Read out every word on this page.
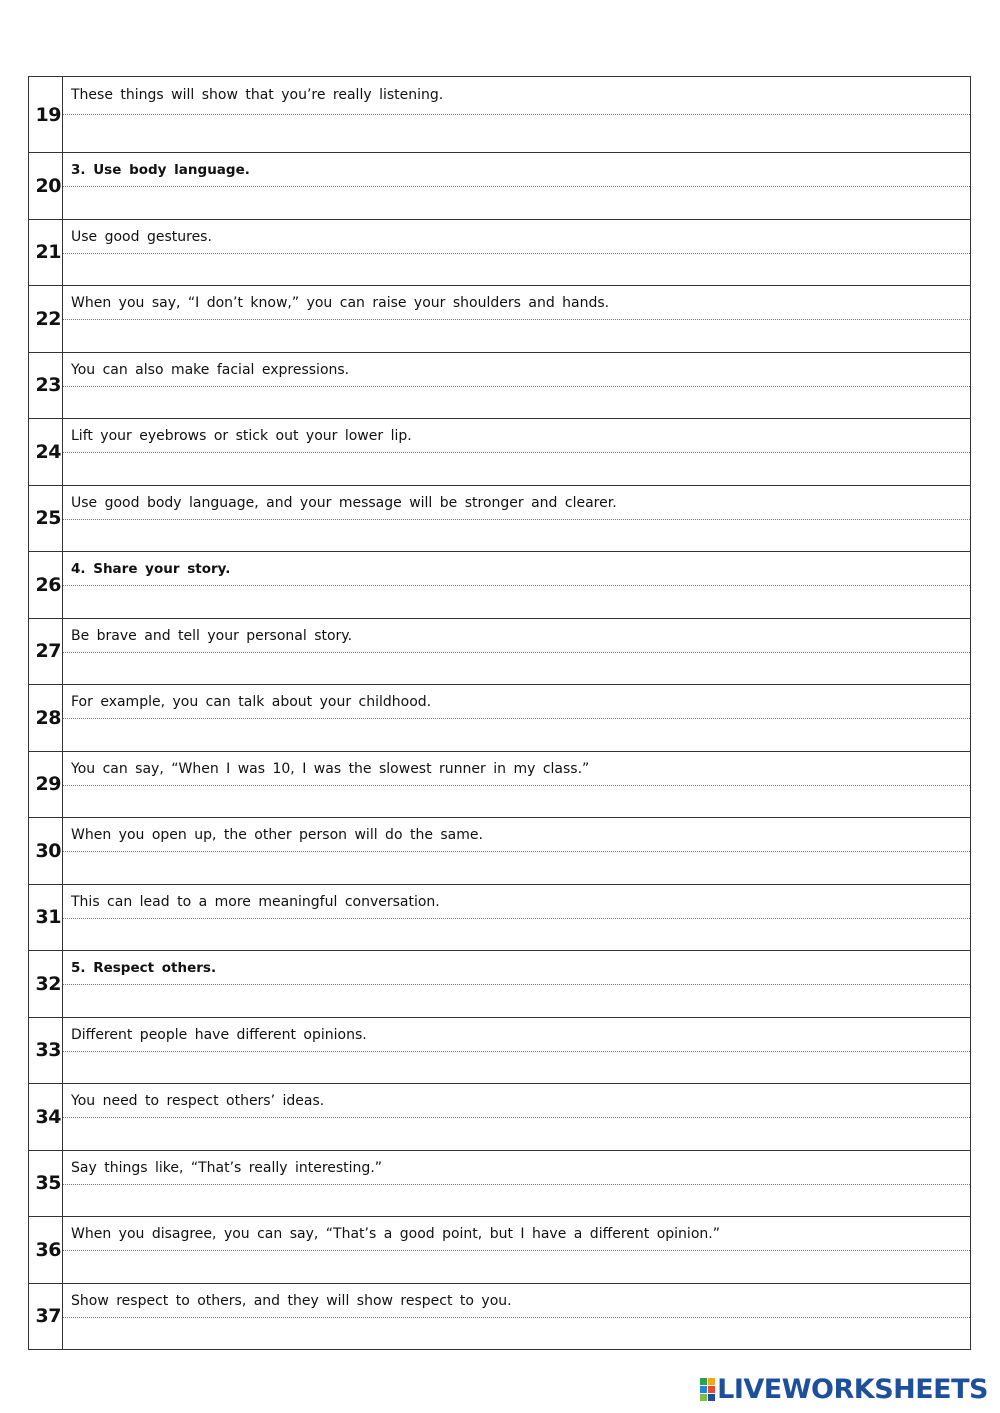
19
These things will show that you’re really listening.
20
3. Use body language.
21
Use good gestures.
22
When you say, “I don’t know,” you can raise your shoulders and hands.
23
You can also make facial expressions.
24
Lift your eyebrows or stick out your lower lip.
25
Use good body language, and your message will be stronger and clearer.
26
4. Share your story.
27
Be brave and tell your personal story.
28
For example, you can talk about your childhood.
29
You can say, “When I was 10, I was the slowest runner in my class.”
30
When you open up, the other person will do the same.
31
This can lead to a more meaningful conversation.
32
5. Respect others.
33
Different people have different opinions.
34
You need to respect others’ ideas.
35
Say things like, “That’s really interesting.”
36
When you disagree, you can say, “That’s a good point, but I have a different opinion.”
37
Show respect to others, and they will show respect to you.
LIVEWORKSHEETS
